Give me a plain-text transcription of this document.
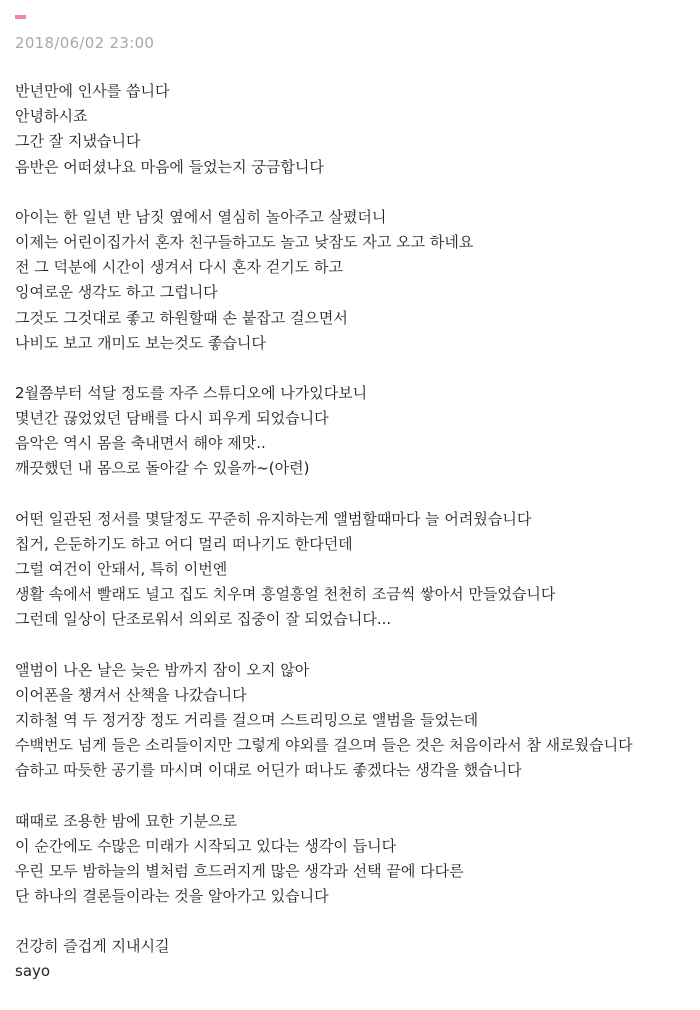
2018/06/02 23:00
반년만에 인사를 씁니다
안녕하시죠
그간 잘 지냈습니다
음반은 어떠셨나요 마음에 들었는지 궁금합니다
아이는 한 일년 반 남짓 옆에서 열심히 놀아주고 살폈더니
이제는 어린이집가서 혼자 친구들하고도 놀고 낮잠도 자고 오고 하네요
전 그 덕분에 시간이 생겨서 다시 혼자 걷기도 하고
잉여로운 생각도 하고 그럽니다
그것도 그것대로 좋고 하원할때 손 붙잡고 걸으면서
나비도 보고 개미도 보는것도 좋습니다
2월쯤부터 석달 정도를 자주 스튜디오에 나가있다보니
몇년간 끊었었던 담배를 다시 피우게 되었습니다
음악은 역시 몸을 축내면서 해야 제맛..
깨끗했던 내 몸으로 돌아갈 수 있을까~(아련)
어떤 일관된 정서를 몇달정도 꾸준히 유지하는게 앨범할때마다 늘 어려웠습니다
칩거, 은둔하기도 하고 어디 멀리 떠나기도 한다던데
그럴 여건이 안돼서, 특히 이번엔
생활 속에서 빨래도 널고 집도 치우며 흥얼흥얼 천천히 조금씩 쌓아서 만들었습니다
그런데 일상이 단조로워서 의외로 집중이 잘 되었습니다...
앨범이 나온 날은 늦은 밤까지 잠이 오지 않아
이어폰을 챙겨서 산책을 나갔습니다
지하철 역 두 정거장 정도 거리를 걸으며 스트리밍으로 앨범을 들었는데
수백번도 넘게 들은 소리들이지만 그렇게 야외를 걸으며 들은 것은 처음이라서 참 새로웠습니다
습하고 따듯한 공기를 마시며 이대로 어딘가 떠나도 좋겠다는 생각을 했습니다
때때로 조용한 밤에 묘한 기분으로
이 순간에도 수많은 미래가 시작되고 있다는 생각이 듭니다
우린 모두 밤하늘의 별처럼 흐드러지게 많은 생각과 선택 끝에 다다른
단 하나의 결론들이라는 것을 알아가고 있습니다
건강히 즐겁게 지내시길
sayo
